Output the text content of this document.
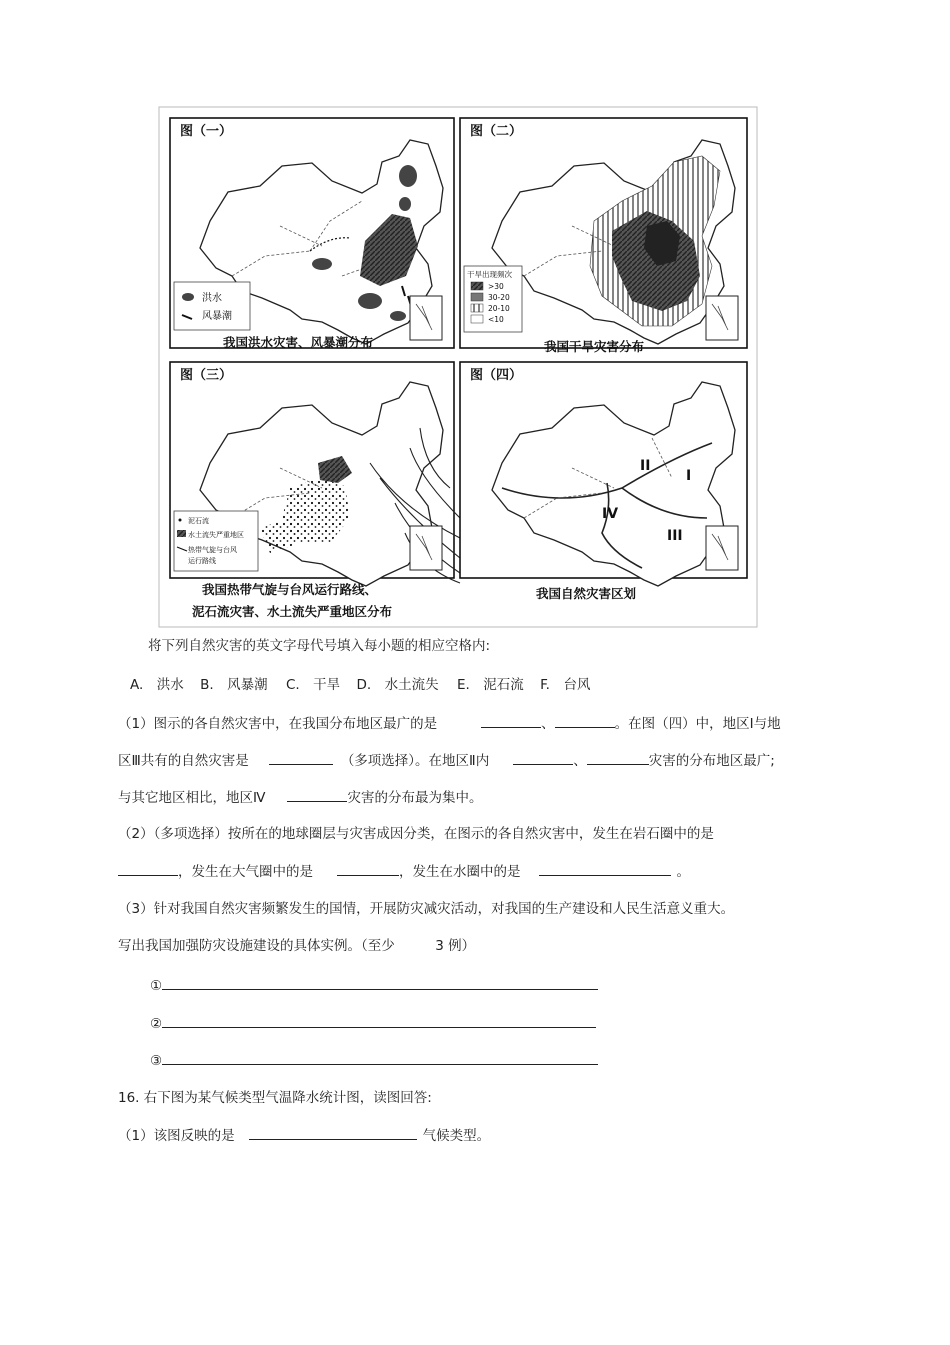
洪水
风暴潮
图（一）
我国洪水灾害、风暴潮分布
干旱出现频次
>30
30-20
20-10
<10
图（二）
我国干旱灾害分布
泥石流
水土流失严重地区
热带气旋与台风
运行路线
图（三）
我国热带气旋与台风运行路线、
泥石流灾害、水土流失严重地区分布
II
I
III
IV
图（四）
我国自然灾害区划
将下列自然灾害的英文字母代号填入每小题的相应空格内:
A.　洪水 B.　风暴潮 C.　干旱 D.　水土流失 E.　泥石流 F.　台风
（1）图示的各自然灾害中，在我国分布地区最广的是	、	。在图（四）中，地区Ⅰ与地
区Ⅲ共有的自然灾害是	（多项选择）。在地区Ⅱ内	、	灾害的分布地区最广;
与其它地区相比，地区Ⅳ	灾害的分布最为集中。
（2）（多项选择）按所在的地球圈层与灾害成因分类，在图示的各自然灾害中，发生在岩石圈中的是
，发生在大气圈中的是	，发生在水圈中的是	。
（3）针对我国自然灾害频繁发生的国情，开展防灾减灾活动，对我国的生产建设和人民生活意义重大。
写出我国加强防灾设施建设的具体实例。（至少　　　3 例）
①
②
③
16. 右下图为某气候类型气温降水统计图，读图回答:
（1）该图反映的是	气候类型。
